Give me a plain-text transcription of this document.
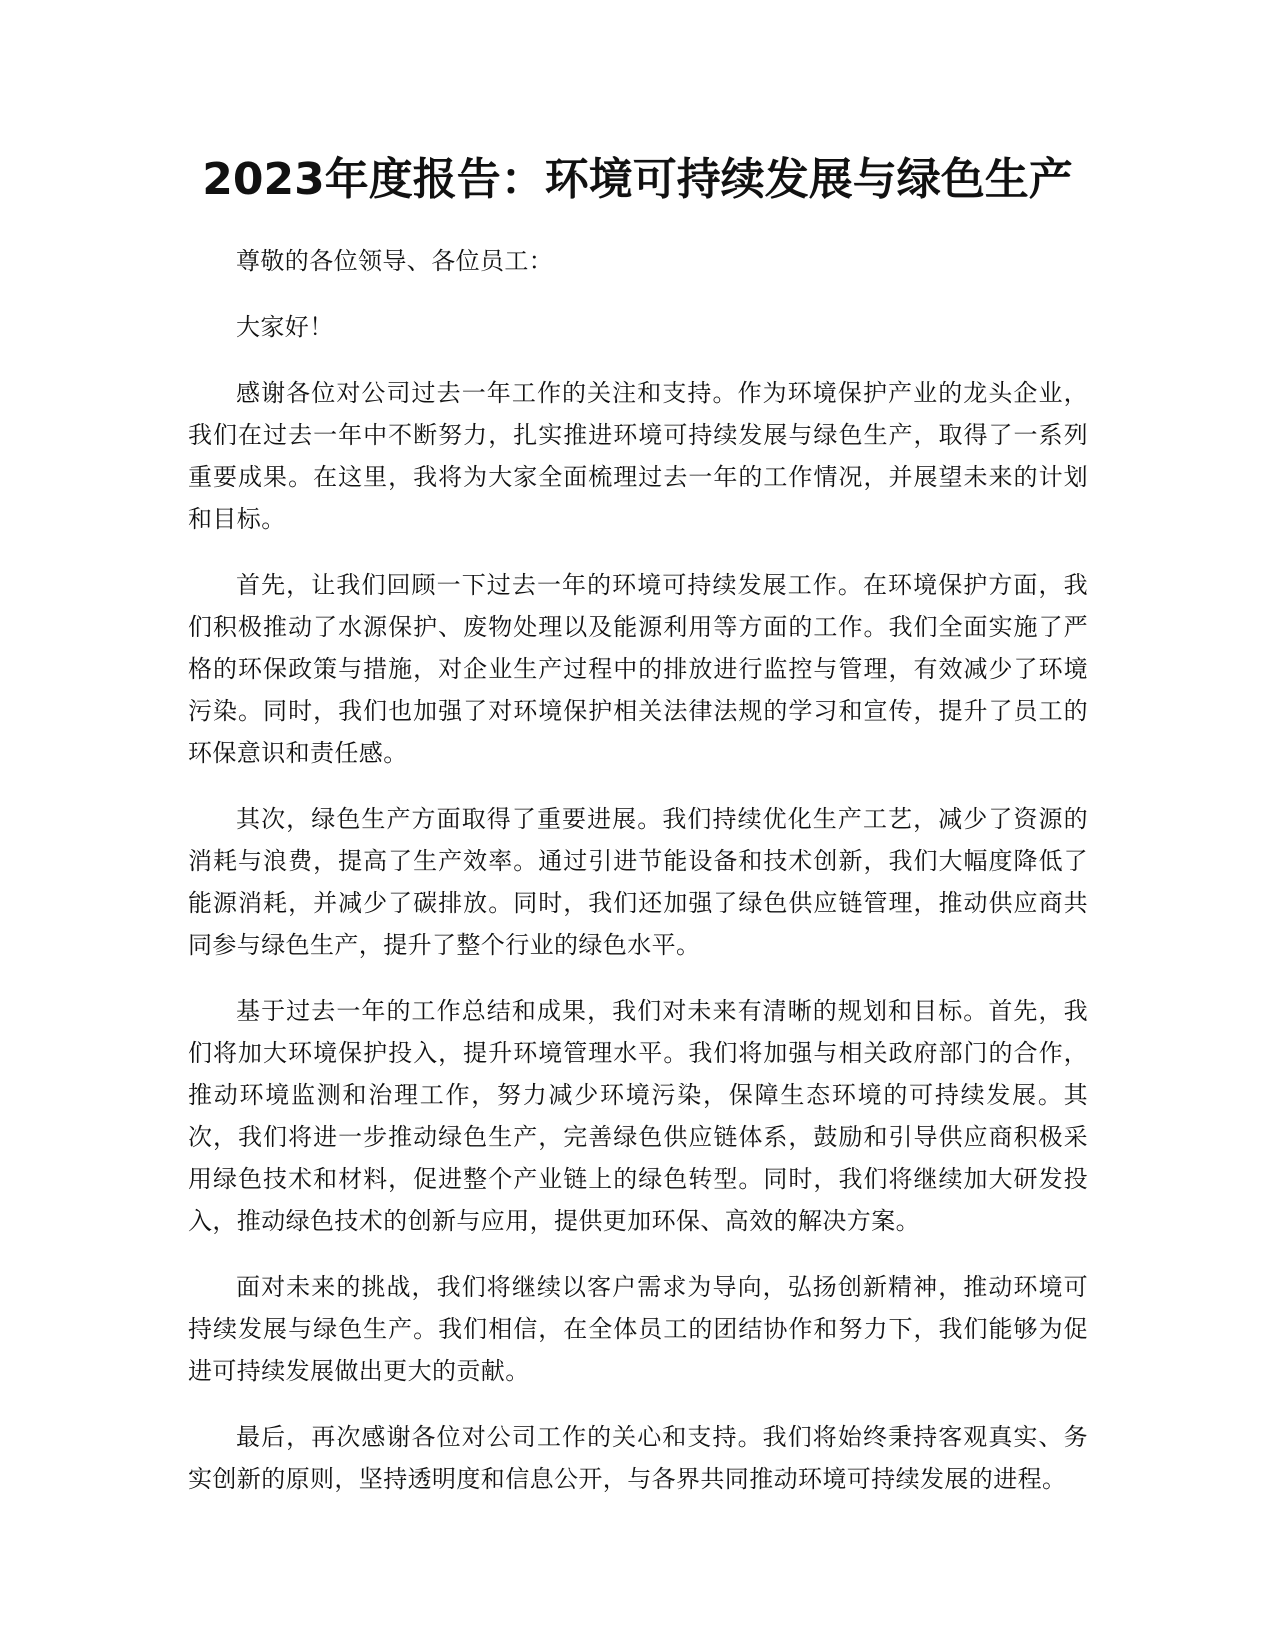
2023年度报告：环境可持续发展与绿色生产

尊敬的各位领导、各位员工：

大家好！

感谢各位对公司过去一年工作的关注和支持。作为环境保护产业的龙头企业，我们在过去一年中不断努力，扎实推进环境可持续发展与绿色生产，取得了一系列重要成果。在这里，我将为大家全面梳理过去一年的工作情况，并展望未来的计划和目标。

首先，让我们回顾一下过去一年的环境可持续发展工作。在环境保护方面，我们积极推动了水源保护、废物处理以及能源利用等方面的工作。我们全面实施了严格的环保政策与措施，对企业生产过程中的排放进行监控与管理，有效减少了环境污染。同时，我们也加强了对环境保护相关法律法规的学习和宣传，提升了员工的环保意识和责任感。

其次，绿色生产方面取得了重要进展。我们持续优化生产工艺，减少了资源的消耗与浪费，提高了生产效率。通过引进节能设备和技术创新，我们大幅度降低了能源消耗，并减少了碳排放。同时，我们还加强了绿色供应链管理，推动供应商共同参与绿色生产，提升了整个行业的绿色水平。

基于过去一年的工作总结和成果，我们对未来有清晰的规划和目标。首先，我们将加大环境保护投入，提升环境管理水平。我们将加强与相关政府部门的合作，推动环境监测和治理工作，努力减少环境污染，保障生态环境的可持续发展。其次，我们将进一步推动绿色生产，完善绿色供应链体系，鼓励和引导供应商积极采用绿色技术和材料，促进整个产业链上的绿色转型。同时，我们将继续加大研发投入，推动绿色技术的创新与应用，提供更加环保、高效的解决方案。

面对未来的挑战，我们将继续以客户需求为导向，弘扬创新精神，推动环境可持续发展与绿色生产。我们相信，在全体员工的团结协作和努力下，我们能够为促进可持续发展做出更大的贡献。

最后，再次感谢各位对公司工作的关心和支持。我们将始终秉持客观真实、务实创新的原则，坚持透明度和信息公开，与各界共同推动环境可持续发展的进程。
